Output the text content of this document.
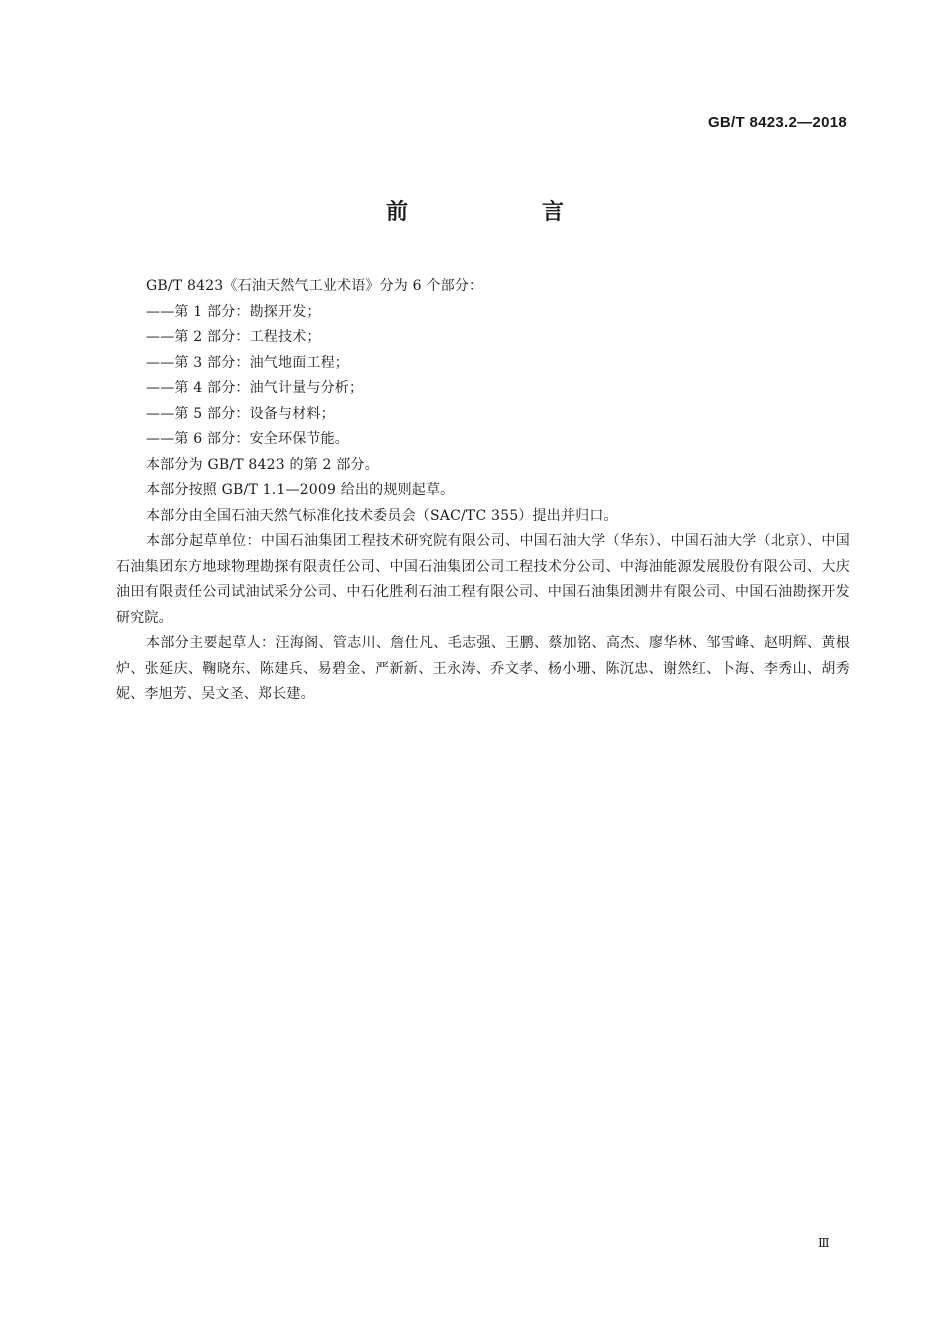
GB/T 8423.2—2018
前　言

GB/T 8423《石油天然气工业术语》分为 6 个部分：

——第 1 部分：勘探开发；

——第 2 部分：工程技术；

——第 3 部分：油气地面工程；

——第 4 部分：油气计量与分析；

——第 5 部分：设备与材料；

——第 6 部分：安全环保节能。

本部分为 GB/T 8423 的第 2 部分。

本部分按照 GB/T 1.1—2009 给出的规则起草。

本部分由全国石油天然气标准化技术委员会（SAC/TC 355）提出并归口。

本部分起草单位：中国石油集团工程技术研究院有限公司、中国石油大学（华东）、中国石油大学（北京）、中国石油集团东方地球物理勘探有限责任公司、中国石油集团公司工程技术分公司、中海油能源发展股份有限公司、大庆油田有限责任公司试油试采分公司、中石化胜利石油工程有限公司、中国石油集团测井有限公司、中国石油勘探开发研究院。

本部分主要起草人：汪海阁、管志川、詹仕凡、毛志强、王鹏、蔡加铭、高杰、廖华林、邹雪峰、赵明辉、黄根炉、张延庆、鞠晓东、陈建兵、易碧金、严新新、王永涛、乔文孝、杨小珊、陈沉忠、谢然红、卜海、李秀山、胡秀妮、李旭芳、吴文圣、郑长建。

Ⅲ
